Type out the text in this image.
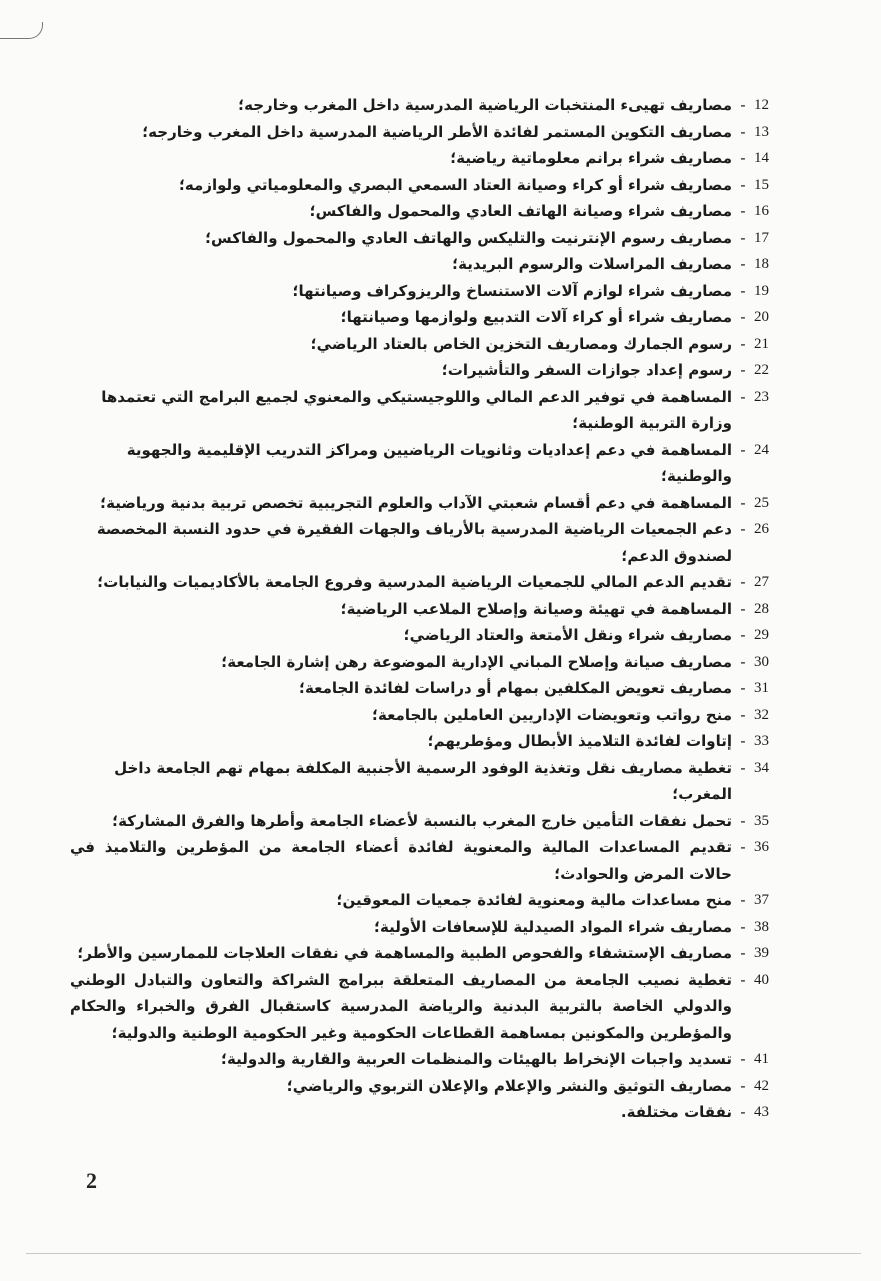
12
-
مصاريف تهيىء المنتخبات الرياضية المدرسية داخل المغرب وخارجه؛
13
-
مصاريف التكوين المستمر لفائدة الأطر الرياضية المدرسية داخل المغرب وخارجه؛
14
-
مصاريف شراء برانم معلوماتية رياضية؛
15
-
مصاريف شراء أو كراء وصيانة العتاد السمعي البصري والمعلومياتي ولوازمه؛
16
-
مصاريف شراء وصيانة الهاتف العادي والمحمول والفاكس؛
17
-
مصاريف رسوم الإنترنيت والتليكس والهاتف العادي والمحمول والفاكس؛
18
-
مصاريف المراسلات والرسوم البريدية؛
19
-
مصاريف شراء لوازم آلات الاستنساخ والريزوكراف وصيانتها؛
20
-
مصاريف شراء أو كراء آلات التدبيع ولوازمها وصيانتها؛
21
-
رسوم الجمارك ومصاريف التخزين الخاص بالعتاد الرياضي؛
22
-
رسوم إعداد جوازات السفر والتأشيرات؛
23
-
المساهمة في توفير الدعم المالي واللوجيستيكي والمعنوي لجميع البرامج التي تعتمدها وزارة التربية الوطنية؛
24
-
المساهمة في دعم إعداديات وثانويات الرياضيين ومراكز التدريب الإقليمية والجهوية والوطنية؛
25
-
المساهمة في دعم أقسام شعبتي الآداب والعلوم التجريبية تخصص تربية بدنية ورياضية؛
26
-
دعم الجمعيات الرياضية المدرسية بالأرياف والجهات الفقيرة في حدود النسبة المخصصة لصندوق الدعم؛
27
-
تقديم الدعم المالي للجمعيات الرياضية المدرسية وفروع الجامعة بالأكاديميات والنيابات؛
28
-
المساهمة في تهيئة وصيانة وإصلاح الملاعب الرياضية؛
29
-
مصاريف شراء ونقل الأمتعة والعتاد الرياضي؛
30
-
مصاريف صيانة وإصلاح المباني الإدارية الموضوعة رهن إشارة الجامعة؛
31
-
مصاريف تعويض المكلفين بمهام أو دراسات لفائدة الجامعة؛
32
-
منح رواتب وتعويضات الإداريين العاملين بالجامعة؛
33
-
إتاوات لفائدة التلاميذ الأبطال ومؤطريهم؛
34
-
تغطية مصاريف نقل وتغذية الوفود الرسمية الأجنبية المكلفة بمهام تهم الجامعة داخل المغرب؛
35
-
تحمل نفقات التأمين خارج المغرب بالنسبة لأعضاء الجامعة وأطرها والفرق المشاركة؛
36
-
تقديم المساعدات المالية والمعنوية لفائدة أعضاء الجامعة من المؤطرين والتلاميذ في حالات المرض والحوادث؛
37
-
منح مساعدات مالية ومعنوية لفائدة جمعيات المعوقين؛
38
-
مصاريف شراء المواد الصيدلية للإسعافات الأولية؛
39
-
مصاريف الإستشفاء والفحوص الطبية والمساهمة في نفقات العلاجات للممارسين والأطر؛
40
-
تغطية نصيب الجامعة من المصاريف المتعلقة ببرامج الشراكة والتعاون والتبادل الوطني والدولي الخاصة بالتربية البدنية والرياضة المدرسية كاستقبال الفرق والخبراء والحكام والمؤطرين والمكونين بمساهمة القطاعات الحكومية وغير الحكومية الوطنية والدولية؛
41
-
تسديد واجبات الإنخراط بالهيئات والمنظمات العربية والقارية والدولية؛
42
-
مصاريف التوثيق والنشر والإعلام والإعلان التربوي والرياضي؛
43
-
نفقات مختلفة.
2
